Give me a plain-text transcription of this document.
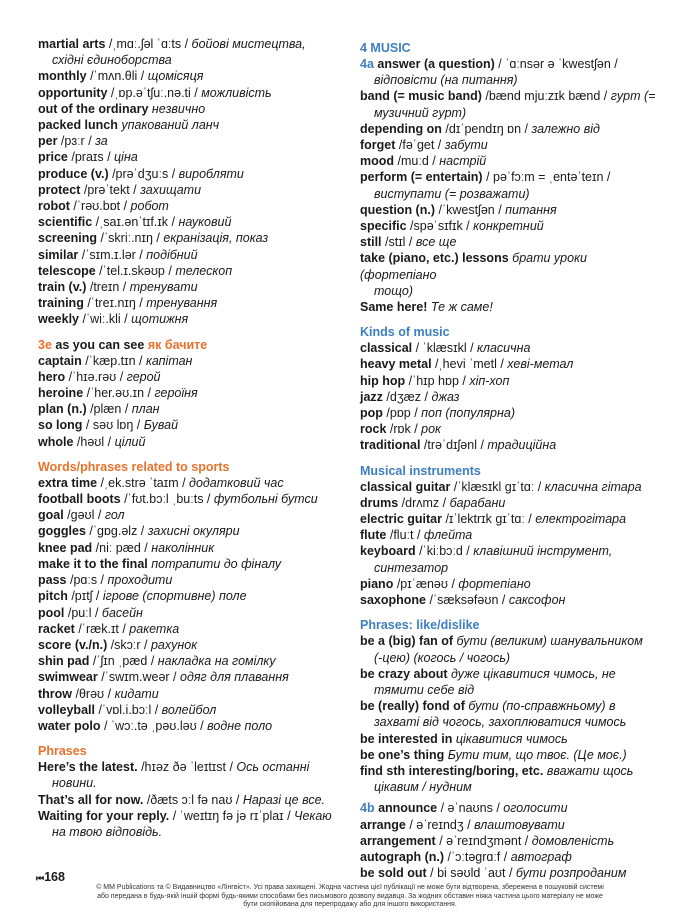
martial arts /ˌmɑː.ʃəl ˈɑːts / бойові мистецтва,
східні єдиноборства
monthly /ˈmʌn.θli / щомісяця
opportunity /ˌɒp.əˈtʃuː.nə.ti / можливість
out of the ordinary незвично
packed lunch упакований ланч
per /pɜːr / за
price /praɪs / ціна
produce (v.) /prəˈdʒuːs / виробляти
protect /prəˈtekt / захищати
robot /ˈrəʊ.bɒt / робот
scientific /ˌsaɪ.ənˈtɪf.ɪk / науковий
screening /ˈskriː.nɪŋ / екранізація, показ
similar /ˈsɪm.ɪ.lər / подібний
telescope /ˈtel.ɪ.skəʊp / телескоп
train (v.) /treɪn / тренувати
training /ˈtreɪ.nɪŋ / тренування
weekly /ˈwiː.kli / щотижня
3e as you can see як бачите
captain /ˈkæp.tɪn / капітан
hero /ˈhɪə.rəʊ / герой
heroine /ˈher.əʊ.ɪn / героїня
plan (n.) /plæn / план
so long / səʊ lɒŋ / Бувай
whole /həʊl / цілий
Words/phrases related to sports
extra time /ˌek.strə ˈtaɪm / додатковий час
football boots /ˈfʊt.bɔːl ˌbuːts / футбольні бутси
goal /gəʊl / гол
goggles /ˈgɒg.əlz / захисні окуляри
knee pad /niː pæd / наколінник
make it to the final потрапити до фіналу
pass /pɑːs / проходити
pitch /pɪtʃ / ігрове (спортивне) поле
pool /puːl / басейн
racket /ˈræk.ɪt / ракетка
score (v./n.) /skɔːr / рахунок
shin pad /ˈʃɪn ˌpæd / накладка на гомілку
swimwear /ˈswɪm.weər / одяг для плавання
throw /θrəʊ / кидати
volleyball /ˈvɒl.i.bɔːl / волейбол
water polo / ˈwɔː.tə ˌpəʊ.ləʊ / водне поло
Phrases
Here’s the latest. /hɪəz ðə ˈleɪtɪst / Ось останні
новини.
That’s all for now. /ðæts ɔːl fə naʊ / Наразі це все.
Waiting for your reply. / ˈweɪtɪŋ fə jə rɪˈplaɪ / Чекаю
на твою відповідь.
4 MUSIC
4a answer (a question) / ˈɑːnsər ə ˈkwestʃən /
відповісти (на питання)
band (= music band) /bænd mjuːzɪk bænd / гурт (=
музичний гурт)
depending on /dɪˈpendɪŋ ɒn / залежно від
forget /fəˈget / забути
mood /muːd / настрій
perform (= entertain) / pəˈfɔːm = ˌentəˈteɪn /
виступати (= розважати)
question (n.) /ˈkwestʃən / питання
specific /spəˈsɪfɪk / конкретний
still /stɪl / все ще
take (piano, etc.) lessons брати уроки (фортепіано
тощо)
Same here! Те ж саме!
Kinds of music
classical / ˈklæsɪkl / класична
heavy metal /ˌhevi ˈmetl / хеві-метал
hip hop /ˈhɪp hɒp / хіп-хоп
jazz /dʒæz / джаз
pop /pɒp / поп (популярна)
rock /rɒk / рок
traditional /trəˈdɪʃənl / традиційна
Musical instruments
classical guitar /ˈklæsɪkl gɪˈtɑː / класична гітара
drums /drʌmz / барабани
electric guitar /ɪˈlektrɪk gɪˈtɑː / електрогітара
flute /fluːt / флейта
keyboard /ˈkiːbɔːd / клавішний інструмент,
синтезатор
piano /pɪˈænəʊ / фортепіано
saxophone /ˈsæksəfəʊn / саксофон
Phrases: like/dislike
be a (big) fan of бути (великим) шанувальником
(-цею) (когось / чогось)
be crazy about дуже цікавитися чимось, не
тямити себе від
be (really) fond of бути (по-справжньому) в
захваті від чогось, захоплюватися чимось
be interested in цікавитися чимось
be one’s thing Бути тим, що твоє. (Це моє.)
find sth interesting/boring, etc. вважати щось
цікавим / нудним
4b announce / əˈnaʊns / оголосити
arrange / əˈreɪndʒ / влаштовувати
arrangement / əˈreɪndʒmənt / домовленість
autograph (n.) /ˈɔːtəgrɑːf / автограф
be sold out / bi səʊld ˈaʊt / бути розпроданим
⏮168
© MM Publications та © Видавництво «Лінгвіст». Усі права захищені. Жодна частина цієї публікації не може бути відтворена, збережена в пошуковій системі або передана в будь-якій іншій формі будь-якими способами без письмового дозволу видавця. За жодних обставин ніяка частина цього матеріалу не може бути скопійована для перепродажу або для іншого використання.
